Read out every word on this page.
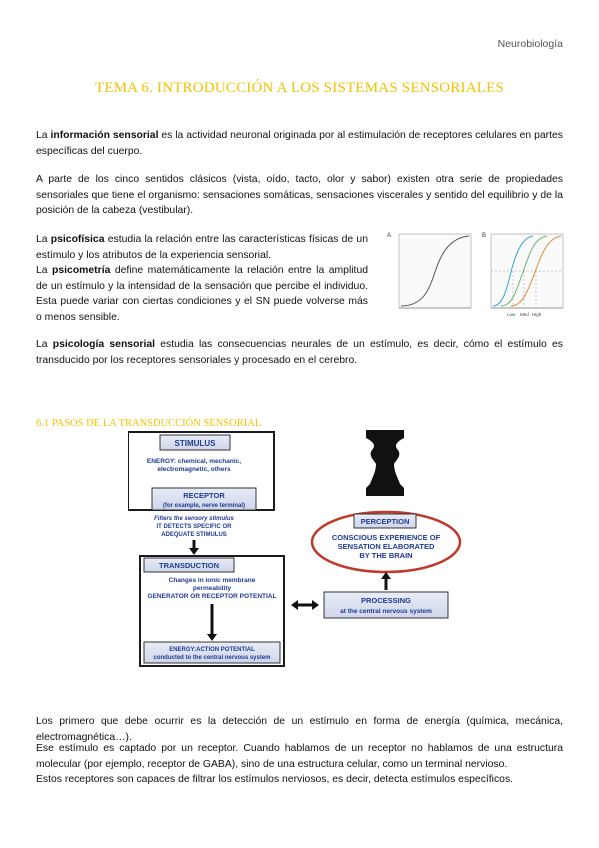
Neurobiología
TEMA 6. INTRODUCCIÓN A LOS SISTEMAS SENSORIALES

La información sensorial es la actividad neuronal originada por al estimulación de receptores celulares en partes específicas del cuerpo.

A parte de los cinco sentidos clásicos (vista, oído, tacto, olor y sabor) existen otra serie de propiedades sensoriales que tiene el organismo: sensaciones somáticas, sensaciones viscerales y sentido del equilibrio y de la posición de la cabeza (vestibular).

La psicofísica estudia la relación entre las características físicas de un estímulo y los atributos de la experiencia sensorial.

La psicometría define matemáticamente la relación entre la amplitud de un estímulo y la intensidad de la sensación que percibe el individuo. Esta puede variar con ciertas condiciones y el SN puede volverse más o menos sensible.

A	B
Low Med High

La psicología sensorial estudia las consecuencias neurales de un estímulo, es decir, cómo el estímulo es transducido por los receptores sensoriales y procesado en el cerebro.

6.1 PASOS DE LA TRANSDUCCIÓN SENSORIAL
STIMULUS
ENERGY: chemical, mechanic,
electromagnetic, others
RECEPTOR
(for example, nerve terminal)
Filters the sensory stimulus
IT DETECTS SPECIFIC OR
ADEQUATE STIMULUS
TRANSDUCTION
Changes in ionic membrane
permeability
GENERATOR OR RECEPTOR POTENTIAL
ENERGY:ACTION POTENTIAL
conducted to the central nervous system
PERCEPTION
CONSCIOUS EXPERIENCE OF
SENSATION ELABORATED
BY THE BRAIN
PROCESSING
at the central nervous system

Los primero que debe ocurrir es la detección de un estímulo en forma de energía (química, mecánica, electromagnética…).

Ese estímulo es captado por un receptor. Cuando hablamos de un receptor no hablamos de una estructura molecular (por ejemplo, receptor de GABA), sino de una estructura celular, como un terminal nervioso.

Estos receptores son capaces de filtrar los estímulos nerviosos, es decir, detecta estímulos específicos.
